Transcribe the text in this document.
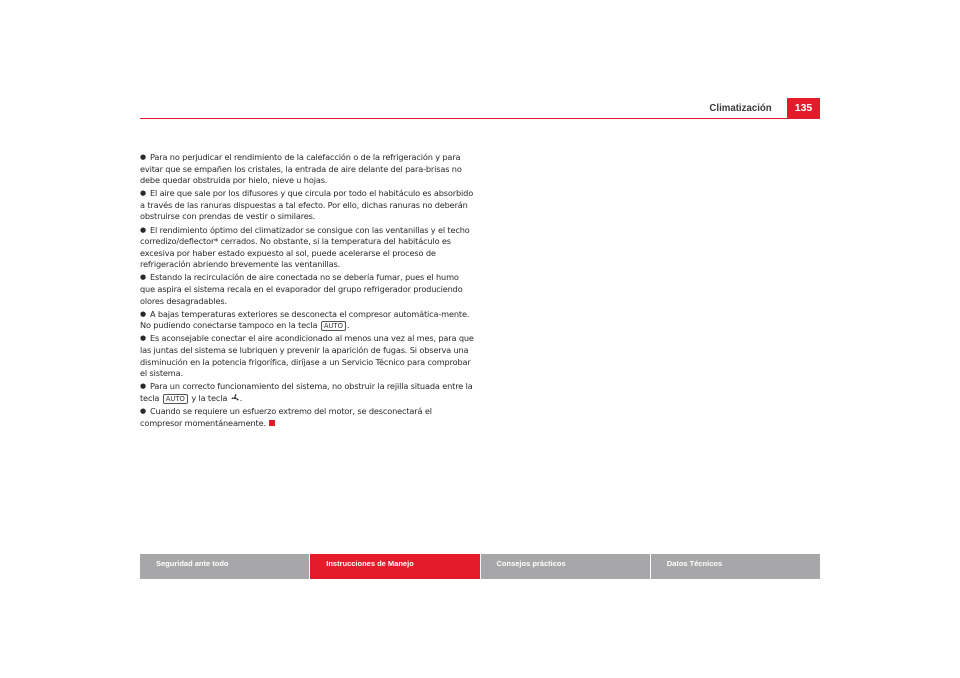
Climatización	135

● Para no perjudicar el rendimiento de la calefacción o de la refrigeración y para evitar que se empañen los cristales, la entrada de aire delante del para-brisas no debe quedar obstruida por hielo, nieve u hojas.

● El aire que sale por los difusores y que circula por todo el habitáculo es absorbido a través de las ranuras dispuestas a tal efecto. Por ello, dichas ranuras no deberán obstruirse con prendas de vestir o similares.

● El rendimiento óptimo del climatizador se consigue con las ventanillas y el techo corredizo/deflector* cerrados. No obstante, si la temperatura del habitáculo es excesiva por haber estado expuesto al sol, puede acelerarse el proceso de refrigeración abriendo brevemente las ventanillas.

● Estando la recirculación de aire conectada no se debería fumar, pues el humo que aspira el sistema recala en el evaporador del grupo refrigerador produciendo olores desagradables.

● A bajas temperaturas exteriores se desconecta el compresor automática-mente. No pudiendo conectarse tampoco en la tecla AUTO .

● Es aconsejable conectar el aire acondicionado al menos una vez al mes, para que las juntas del sistema se lubriquen y prevenir la aparición de fugas. Si observa una disminución en la potencia frigorífica, diríjase a un Servicio Técnico para comprobar el sistema.

● Para un correcto funcionamiento del sistema, no obstruir la rejilla situada entre la tecla AUTO y la tecla .

● Cuando se requiere un esfuerzo extremo del motor, se desconectará el compresor momentáneamente.

Seguridad ante todo	Instrucciones de Manejo	Consejos prácticos	Datos Técnicos
